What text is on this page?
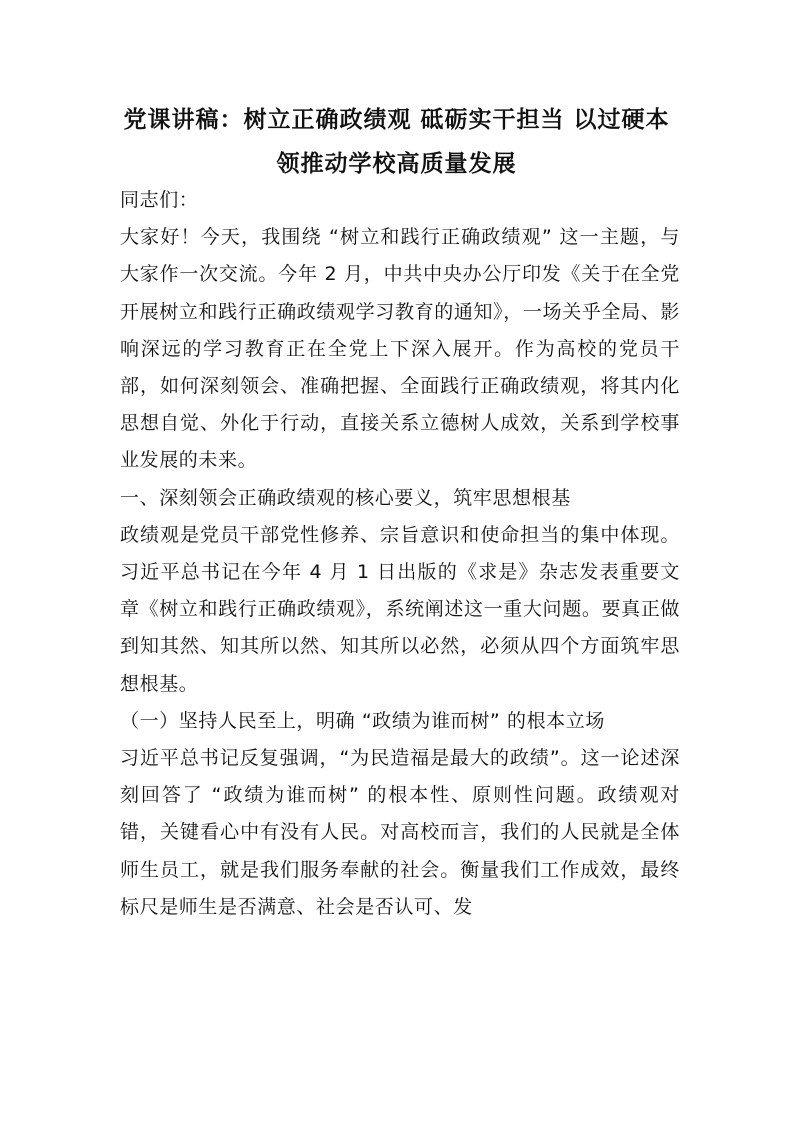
党课讲稿：树立正确政绩观 砥砺实干担当 以过硬本
领推动学校高质量发展

同志们：

大家好！今天，我围绕 “树立和践行正确政绩观” 这一主题，与大家作一次交流。今年 2 月，中共中央办公厅印发《关于在全党开展树立和践行正确政绩观学习教育的通知》，一场关乎全局、影响深远的学习教育正在全党上下深入展开。作为高校的党员干部，如何深刻领会、准确把握、全面践行正确政绩观，将其内化思想自觉、外化于行动，直接关系立德树人成效，关系到学校事业发展的未来。

一、深刻领会正确政绩观的核心要义，筑牢思想根基

政绩观是党员干部党性修养、宗旨意识和使命担当的集中体现。习近平总书记在今年 4 月 1 日出版的《求是》杂志发表重要文章《树立和践行正确政绩观》，系统阐述这一重大问题。要真正做到知其然、知其所以然、知其所以必然，必须从四个方面筑牢思想根基。

（一）坚持人民至上，明确 “政绩为谁而树” 的根本立场

习近平总书记反复强调，“为民造福是最大的政绩”。这一论述深刻回答了 “政绩为谁而树” 的根本性、原则性问题。政绩观对错，关键看心中有没有人民。对高校而言，我们的人民就是全体师生员工，就是我们服务奉献的社会。衡量我们工作成效，最终标尺是师生是否满意、社会是否认可、发
